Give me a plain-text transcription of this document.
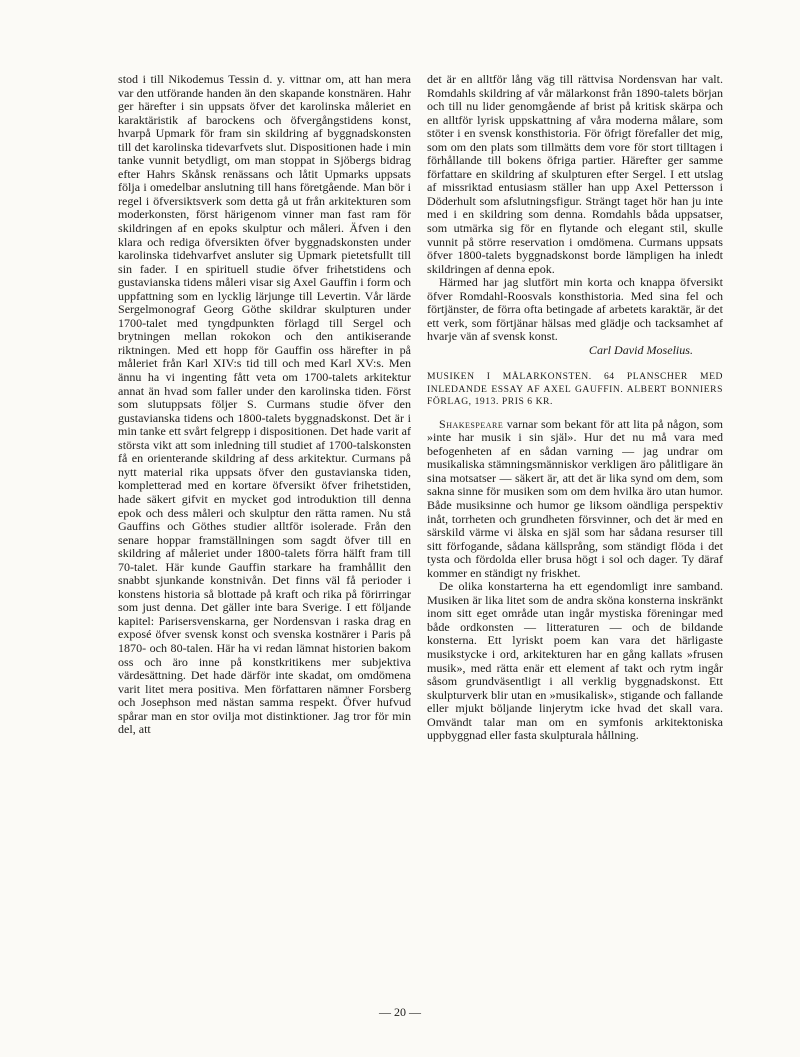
stod i till Nikodemus Tessin d. y. vittnar om, att han mera var den utförande handen än den skapande konstnären. Hahr ger härefter i sin uppsats öfver det karolinska måleriet en karaktäristik af barockens och öfvergångstidens konst, hvarpå Upmark för fram sin skildring af byggnadskonsten till det karolinska tidevarfvets slut. Dispositionen hade i min tanke vunnit betydligt, om man stoppat in Sjöbergs bidrag efter Hahrs Skånsk renässans och låtit Upmarks uppsats följa i omedelbar anslutning till hans företgående. Man bör i regel i öfversiktsverk som detta gå ut från arkitekturen som moderkonsten, först härigenom vinner man fast ram för skildringen af en epoks skulptur och måleri. Äfven i den klara och rediga öfversikten öfver byggnadskonsten under karolinska tidehvarfvet ansluter sig Upmark pietetsfullt till sin fader. I en spirituell studie öfver frihetstidens och gustavianska tidens måleri visar sig Axel Gauffin i form och uppfattning som en lycklig lärjunge till Levertin. Vår lärde Sergelmonograf Georg Göthe skildrar skulpturen under 1700-talet med tyngdpunkten förlagd till Sergel och brytningen mellan rokokon och den antikiserande riktningen. Med ett hopp för Gauffin oss härefter in på måleriet från Karl XIV:s tid till och med Karl XV:s. Men ännu ha vi ingenting fått veta om 1700-talets arkitektur annat än hvad som faller under den karolinska tiden. Först som slutuppsats följer S. Curmans studie öfver den gustavianska tidens och 1800-talets byggnadskonst. Det är i min tanke ett svårt felgrepp i dispositionen. Det hade varit af största vikt att som inledning till studiet af 1700-talskonsten få en orienterande skildring af dess arkitektur. Curmans på nytt material rika uppsats öfver den gustavianska tiden, kompletterad med en kortare öfversikt öfver frihetstiden, hade säkert gifvit en mycket god introduktion till denna epok och dess måleri och skulptur den rätta ramen. Nu stå Gauffins och Göthes studier alltför isolerade. Från den senare hoppar framställningen som sagdt öfver till en skildring af måleriet under 1800-talets förra hälft fram till 70-talet. Här kunde Gauffin starkare ha framhållit den snabbt sjunkande konstnivån. Det finns väl få perioder i konstens historia så blottade på kraft och rika på förirringar som just denna. Det gäller inte bara Sverige. I ett följande kapitel: Parisersvenskarna, ger Nordensvan i raska drag en exposé öfver svensk konst och svenska kostnärer i Paris på 1870- och 80-talen. Här ha vi redan lämnat historien bakom oss och äro inne på konstkritikens mer subjektiva värdesättning. Det hade därför inte skadat, om omdömena varit litet mera positiva. Men författaren nämner Forsberg och Josephson med nästan samma respekt. Öfver hufvud spårar man en stor ovilja mot distinktioner. Jag tror för min del, att

det är en alltför lång väg till rättvisa Nordensvan har valt. Romdahls skildring af vår mälarkonst från 1890-talets början och till nu lider genomgående af brist på kritisk skärpa och en alltför lyrisk uppskattning af våra moderna målare, som stöter i en svensk konsthistoria. För öfrigt förefaller det mig, som om den plats som tillmätts dem vore för stort tilltagen i förhållande till bokens öfriga partier. Härefter ger samme författare en skildring af skulpturen efter Sergel. I ett utslag af missriktad entusiasm ställer han upp Axel Pettersson i Döderhult som afslutningsfigur. Strängt taget hör han ju inte med i en skildring som denna. Romdahls båda uppsatser, som utmärka sig för en flytande och elegant stil, skulle vunnit på större reservation i omdömena. Curmans uppsats öfver 1800-talets byggnadskonst borde lämpligen ha inledt skildringen af denna epok.

Härmed har jag slutfört min korta och knappa öfversikt öfver Romdahl-Roosvals konsthistoria. Med sina fel och förtjänster, de förra ofta betingade af arbetets karaktär, är det ett verk, som förtjänar hälsas med glädje och tacksamhet af hvarje vän af svensk konst.

Carl David Moselius.

MUSIKEN I MÅLARKONSTEN. 64 PLANSCHER MED INLEDANDE ESSAY AF AXEL GAUFFIN. ALBERT BONNIERS FÖRLAG, 1913. PRIS 6 KR.

Shakespeare varnar som bekant för att lita på någon, som »inte har musik i sin själ». Hur det nu må vara med befogenheten af en sådan varning — jag undrar om musikaliska stämningsmänniskor verkligen äro pålitligare än sina motsatser — säkert är, att det är lika synd om dem, som sakna sinne för musiken som om dem hvilka äro utan humor. Både musiksinne och humor ge liksom oändliga perspektiv inåt, torrheten och grundheten försvinner, och det är med en särskild värme vi älska en själ som har sådana resurser till sitt förfogande, sådana källsprång, som ständigt flöda i det tysta och fördolda eller brusa högt i sol och dager. Ty däraf kommer en ständigt ny friskhet.

De olika konstarterna ha ett egendomligt inre samband. Musiken är lika litet som de andra sköna konsterna inskränkt inom sitt eget område utan ingår mystiska föreningar med både ordkonsten — litteraturen — och de bildande konsterna. Ett lyriskt poem kan vara det härligaste musikstycke i ord, arkitekturen har en gång kallats »frusen musik», med rätta enär ett element af takt och rytm ingår såsom grundväsentligt i all verklig byggnadskonst. Ett skulpturverk blir utan en »musikalisk», stigande och fallande eller mjukt böljande linjerytm icke hvad det skall vara. Omvändt talar man om en symfonis arkitektoniska uppbyggnad eller fasta skulpturala hållning.

— 20 —
